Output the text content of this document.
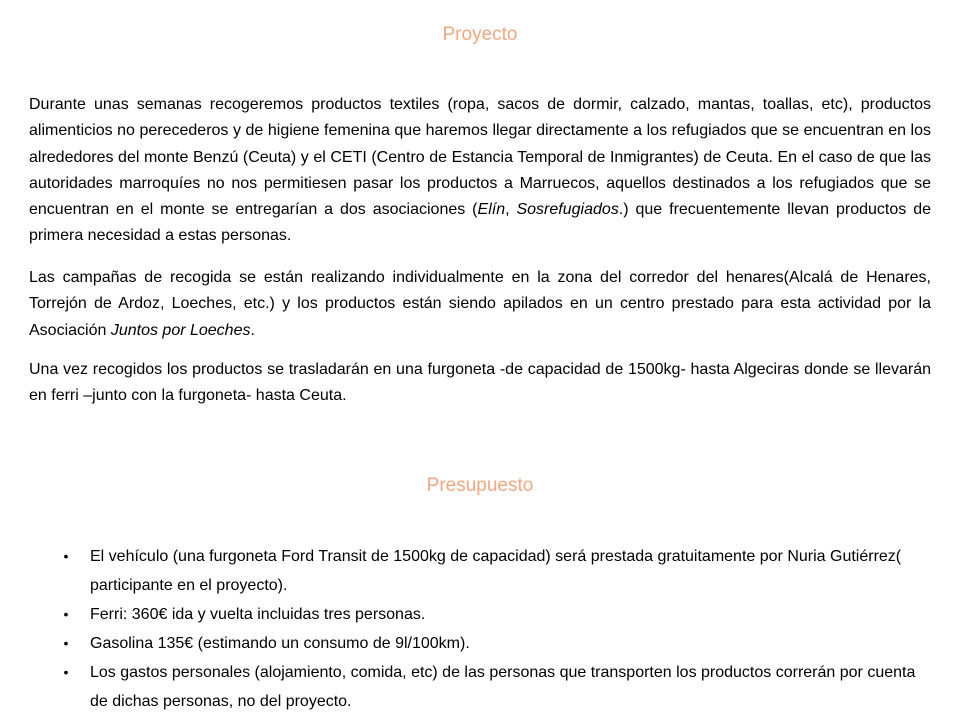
Proyecto

Durante unas semanas recogeremos productos textiles (ropa, sacos de dormir, calzado, mantas, toallas, etc), productos alimenticios no perecederos y de higiene femenina que haremos llegar directamente a los refugiados que se encuentran en los alrededores del monte Benzú (Ceuta) y el CETI (Centro de Estancia Temporal de Inmigrantes) de Ceuta. En el caso de que las autoridades marroquíes no nos permitiesen pasar los productos a Marruecos, aquellos destinados a los refugiados que se encuentran en el monte se entregarían a dos asociaciones (Elín, Sosrefugiados.) que frecuentemente llevan productos de primera necesidad a estas personas.

Las campañas de recogida se están realizando individualmente en la zona del corredor del henares(Alcalá de Henares, Torrejón de Ardoz, Loeches, etc.) y los productos están siendo apilados en un centro prestado para esta actividad por la Asociación Juntos por Loeches.

Una vez recogidos los productos se trasladarán en una furgoneta -de capacidad de 1500kg- hasta Algeciras donde se llevarán en ferri –junto con la furgoneta- hasta Ceuta.

Presupuesto
• El vehículo (una furgoneta Ford Transit de 1500kg de capacidad) será prestada gratuitamente por Nuria Gutiérrez( participante en el proyecto).
• Ferri: 360€ ida y vuelta incluidas tres personas.
• Gasolina 135€ (estimando un consumo de 9l/100km).
• Los gastos personales (alojamiento, comida, etc) de las personas que transporten los productos correrán por cuenta de dichas personas, no del proyecto.
